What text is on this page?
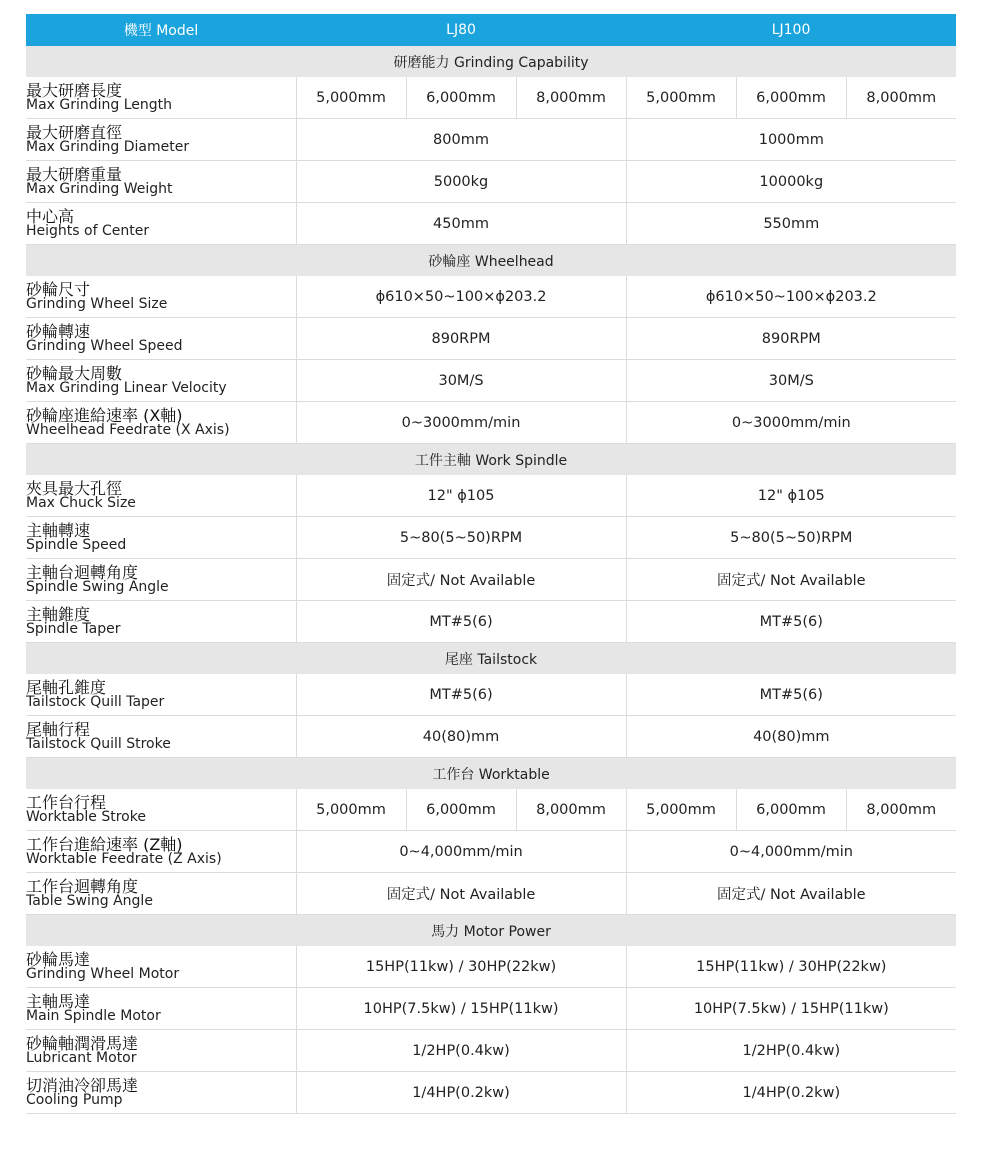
機型 Model	LJ80			LJ100		
研磨能力 Grinding Capability						

最大研磨長度
Max Grinding Length	5,000mm	6,000mm	8,000mm	5,000mm	6,000mm	8,000mm

最大研磨直徑
Max Grinding Diameter	800mm			1000mm		

最大研磨重量
Max Grinding Weight	5000kg			10000kg		

中心高
Heights of Center	450mm			550mm		
砂輪座 Wheelhead						

砂輪尺寸
Grinding Wheel Size	ϕ610×50~100×ϕ203.2			ϕ610×50~100×ϕ203.2		

砂輪轉速
Grinding Wheel Speed	890RPM			890RPM		

砂輪最大周數
Max Grinding Linear Velocity	30M/S			30M/S		

砂輪座進給速率 (X軸)
Wheelhead Feedrate (X Axis)	0~3000mm/min			0~3000mm/min		
工件主軸 Work Spindle						

夾具最大孔徑
Max Chuck Size	12" ϕ105			12" ϕ105		

主軸轉速
Spindle Speed	5~80(5~50)RPM			5~80(5~50)RPM		

主軸台迴轉角度
Spindle Swing Angle	固定式/ Not Available			固定式/ Not Available		

主軸錐度
Spindle Taper	MT#5(6)			MT#5(6)		
尾座 Tailstock						

尾軸孔錐度
Tailstock Quill Taper	MT#5(6)			MT#5(6)		

尾軸行程
Tailstock Quill Stroke	40(80)mm			40(80)mm		
工作台 Worktable						

工作台行程
Worktable Stroke	5,000mm	6,000mm	8,000mm	5,000mm	6,000mm	8,000mm

工作台進給速率 (Z軸)
Worktable Feedrate (Z Axis)	0~4,000mm/min			0~4,000mm/min		

工作台迴轉角度
Table Swing Angle	固定式/ Not Available			固定式/ Not Available		
馬力 Motor Power						

砂輪馬達
Grinding Wheel Motor	15HP(11kw) / 30HP(22kw)			15HP(11kw) / 30HP(22kw)		

主軸馬達
Main Spindle Motor	10HP(7.5kw) / 15HP(11kw)			10HP(7.5kw) / 15HP(11kw)		

砂輪軸潤滑馬達
Lubricant Motor	1/2HP(0.4kw)			1/2HP(0.4kw)		

切消油冷卻馬達
Cooling Pump	1/4HP(0.2kw)			1/4HP(0.2kw)		
